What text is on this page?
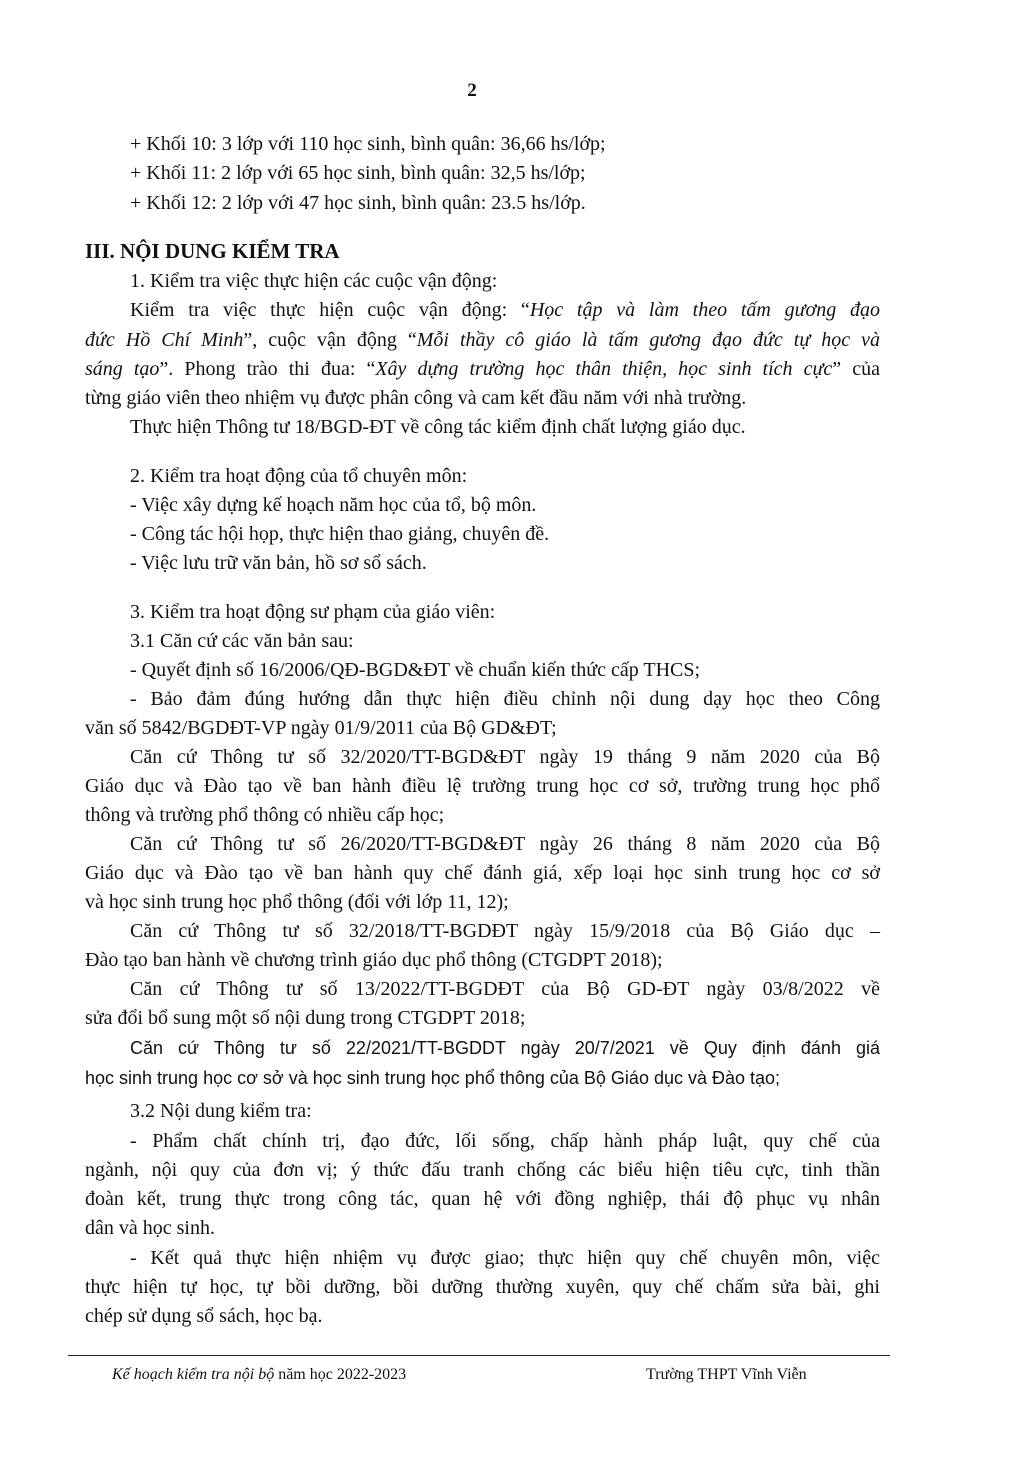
2
+ Khối 10: 3 lớp với 110 học sinh, bình quân: 36,66 hs/lớp;
+ Khối 11: 2 lớp với 65 học sinh, bình quân: 32,5 hs/lớp;
+ Khối 12: 2 lớp với 47 học sinh, bình quân: 23.5 hs/lớp.
III. NỘI DUNG KIỂM TRA
1. Kiểm tra việc thực hiện các cuộc vận động:
Kiểm tra việc thực hiện cuộc vận động: “Học tập và làm theo tấm gương đạo
đức Hồ Chí Minh”, cuộc vận động “Mỗi thầy cô giáo là tấm gương đạo đức tự học và
sáng tạo”. Phong trào thi đua: “Xây dựng trường học thân thiện, học sinh tích cực” của
từng giáo viên theo nhiệm vụ được phân công và cam kết đầu năm với nhà trường.
Thực hiện Thông tư 18/BGD-ĐT về công tác kiểm định chất lượng giáo dục.
2. Kiểm tra hoạt động của tổ chuyên môn:
- Việc xây dựng kế hoạch năm học của tổ, bộ môn.
- Công tác hội họp, thực hiện thao giảng, chuyên đề.
- Việc lưu trữ văn bản, hồ sơ sổ sách.
3. Kiểm tra hoạt động sư phạm của giáo viên:
3.1 Căn cứ các văn bản sau:
- Quyết định số 16/2006/QĐ-BGD&ĐT về chuẩn kiến thức cấp THCS;
- Bảo đảm đúng hướng dẫn thực hiện điều chỉnh nội dung dạy học theo Công
văn số 5842/BGDĐT-VP ngày 01/9/2011 của Bộ GD&ĐT;
Căn cứ Thông tư số 32/2020/TT-BGD&ĐT ngày 19 tháng 9 năm 2020 của Bộ
Giáo dục và Đào tạo về ban hành điều lệ trường trung học cơ sở, trường trung học phổ
thông và trường phổ thông có nhiều cấp học;
Căn cứ Thông tư số 26/2020/TT-BGD&ĐT ngày 26 tháng 8 năm 2020 của Bộ
Giáo dục và Đào tạo về ban hành quy chế đánh giá, xếp loại học sinh trung học cơ sở
và học sinh trung học phổ thông (đối với lớp 11, 12);
Căn cứ Thông tư số 32/2018/TT-BGDĐT ngày 15/9/2018 của Bộ Giáo dục –
Đào tạo ban hành về chương trình giáo dục phổ thông (CTGDPT 2018);
Căn cứ Thông tư số 13/2022/TT-BGDĐT của Bộ GD-ĐT ngày 03/8/2022 về
sửa đổi bổ sung một số nội dung trong CTGDPT 2018;
Căn cứ Thông tư số 22/2021/TT-BGDDT ngày 20/7/2021 về Quy định đánh giá
học sinh trung học cơ sở và học sinh trung học phổ thông của Bộ Giáo dục và Đào tạo;
3.2 Nội dung kiểm tra:
- Phẩm chất chính trị, đạo đức, lối sống, chấp hành pháp luật, quy chế của
ngành, nội quy của đơn vị; ý thức đấu tranh chống các biểu hiện tiêu cực, tinh thần
đoàn kết, trung thực trong công tác, quan hệ với đồng nghiệp, thái độ phục vụ nhân
dân và học sinh.
- Kết quả thực hiện nhiệm vụ được giao; thực hiện quy chế chuyên môn, việc
thực hiện tự học, tự bồi dưỡng, bồi dưỡng thường xuyên, quy chế chấm sửa bài, ghi
chép sử dụng sổ sách, học bạ.
Kế hoạch kiểm tra nội bộ năm học 2022-2023	Trường THPT Vĩnh Viễn
